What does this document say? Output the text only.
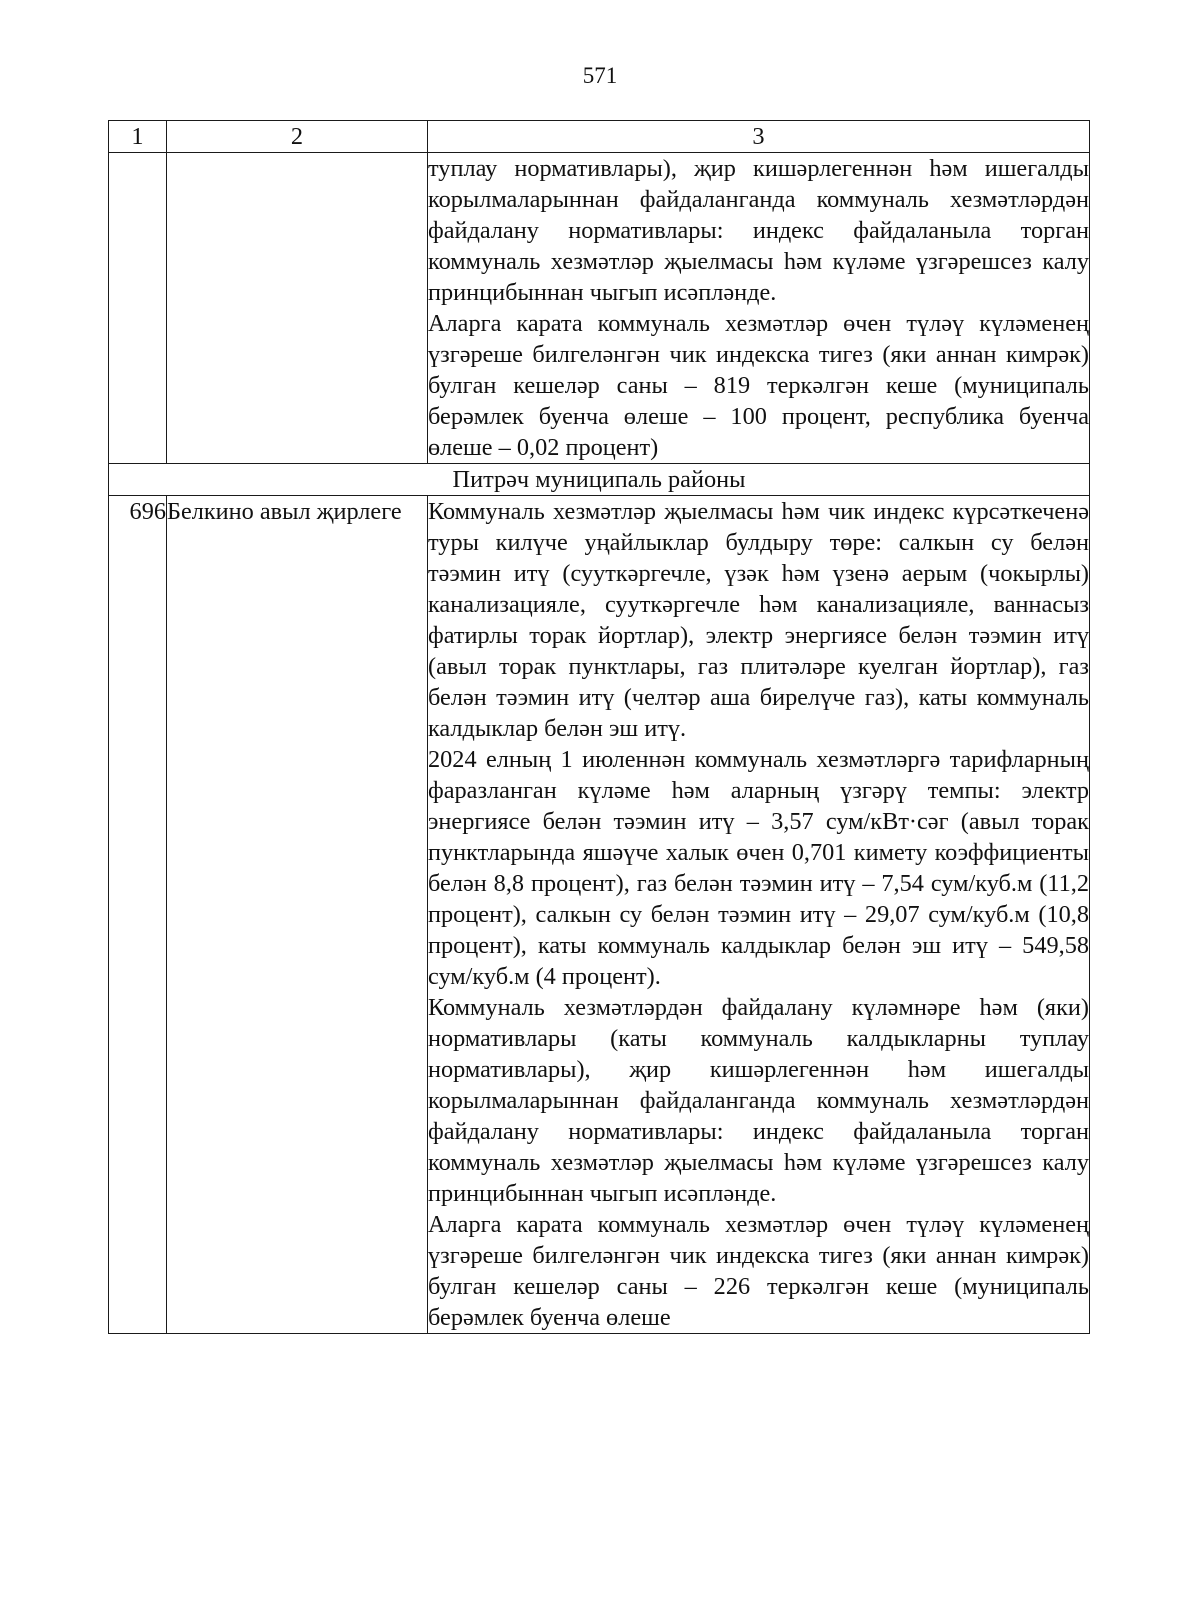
571
1	2	3

		туплау нормативлары), җир кишәрлегеннән һәм ишегалды корылмаларыннан файдаланганда коммуналь хезмәтләрдән файдалану нормативлары: индекс файдаланыла торган коммуналь хезмәтләр җыелмасы һәм күләме үзгәрешсез калу принцибыннан чыгып исәпләнде.

Аларга карата коммуналь хезмәтләр өчен түләү күләменең үзгәреше билгеләнгән чик индекска тигез (яки аннан кимрәк) булган кешеләр саны – 819 теркәлгән кеше (муниципаль берәмлек буенча өлеше – 100 процент, республика буенча өлеше – 0,02 процент)

Питрәч муниципаль районы		
696	Белкино авыл җирлеге	Коммуналь хезмәтләр җыелмасы һәм чик индекс күрсәткеченә туры килүче уңайлыклар булдыру төре: салкын су белән тәэмин итү (сууткәргечле, үзәк һәм үзенә аерым (чокырлы) канализацияле, сууткәргечле һәм канализацияле, ваннасыз фатирлы торак йортлар), электр энергиясе белән тәэмин итү (авыл торак пунктлары, газ плитәләре куелган йортлар), газ белән тәэмин итү (челтәр аша бирелүче газ), каты коммуналь калдыклар белән эш итү.

2024 елның 1 июленнән коммуналь хезмәтләргә тарифларның фаразланган күләме һәм аларның үзгәрү темпы: электр энергиясе белән тәэмин итү – 3,57 сум/кВт·сәг (авыл торак пунктларында яшәүче халык өчен 0,701 кимету коэффициенты белән 8,8 процент), газ белән тәэмин итү – 7,54 сум/куб.м (11,2 процент), салкын су белән тәэмин итү – 29,07 сум/куб.м (10,8 процент), каты коммуналь калдыклар белән эш итү – 549,58 сум/куб.м (4 процент).

Коммуналь хезмәтләрдән файдалану күләмнәре һәм (яки) нормативлары (каты коммуналь калдыкларны туплау нормативлары), җир кишәрлегеннән һәм ишегалды корылмаларыннан файдаланганда коммуналь хезмәтләрдән файдалану нормативлары: индекс файдаланыла торган коммуналь хезмәтләр җыелмасы һәм күләме үзгәрешсез калу принцибыннан чыгып исәпләнде.

Аларга карата коммуналь хезмәтләр өчен түләү күләменең үзгәреше билгеләнгән чик индекска тигез (яки аннан кимрәк) булган кешеләр саны – 226 теркәлгән кеше (муниципаль берәмлек буенча өлеше
